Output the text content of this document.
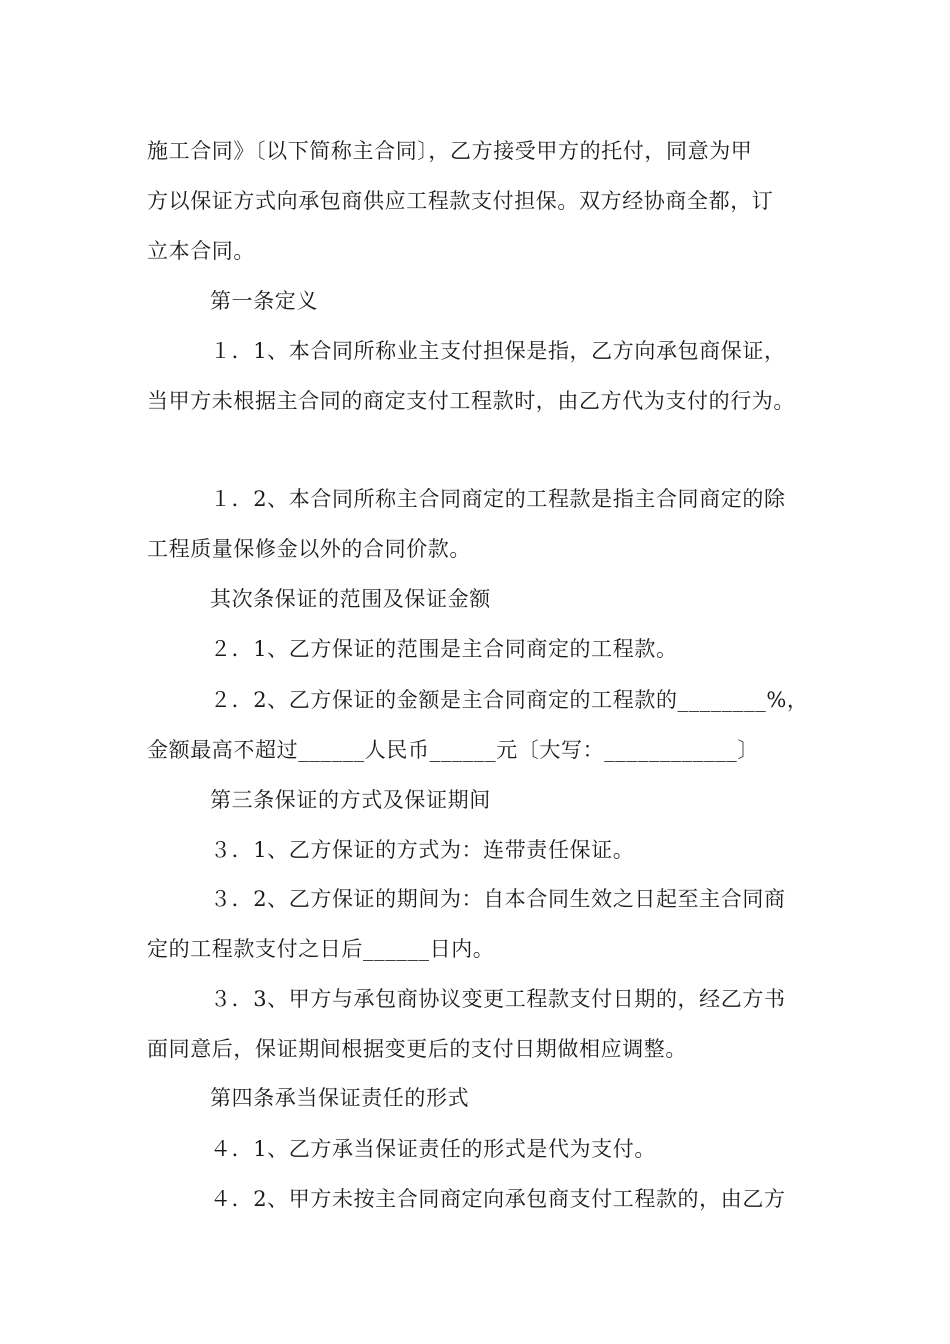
施工合同》〔以下简称主合同〕，乙方接受甲方的托付，同意为甲
方以保证方式向承包商供应工程款支付担保。双方经协商全都，订
立本合同。
第一条定义
１．1、本合同所称业主支付担保是指，乙方向承包商保证，
当甲方未根据主合同的商定支付工程款时，由乙方代为支付的行为。
１．2、本合同所称主合同商定的工程款是指主合同商定的除
工程质量保修金以外的合同价款。
其次条保证的范围及保证金额
２．1、乙方保证的范围是主合同商定的工程款。
２．2、乙方保证的金额是主合同商定的工程款的________%，
金额最高不超过______人民币______元〔大写：____________〕
第三条保证的方式及保证期间
３．1、乙方保证的方式为：连带责任保证。
３．2、乙方保证的期间为：自本合同生效之日起至主合同商
定的工程款支付之日后______日内。
３．3、甲方与承包商协议变更工程款支付日期的，经乙方书
面同意后，保证期间根据变更后的支付日期做相应调整。
第四条承当保证责任的形式
４．1、乙方承当保证责任的形式是代为支付。
４．2、甲方未按主合同商定向承包商支付工程款的，由乙方
